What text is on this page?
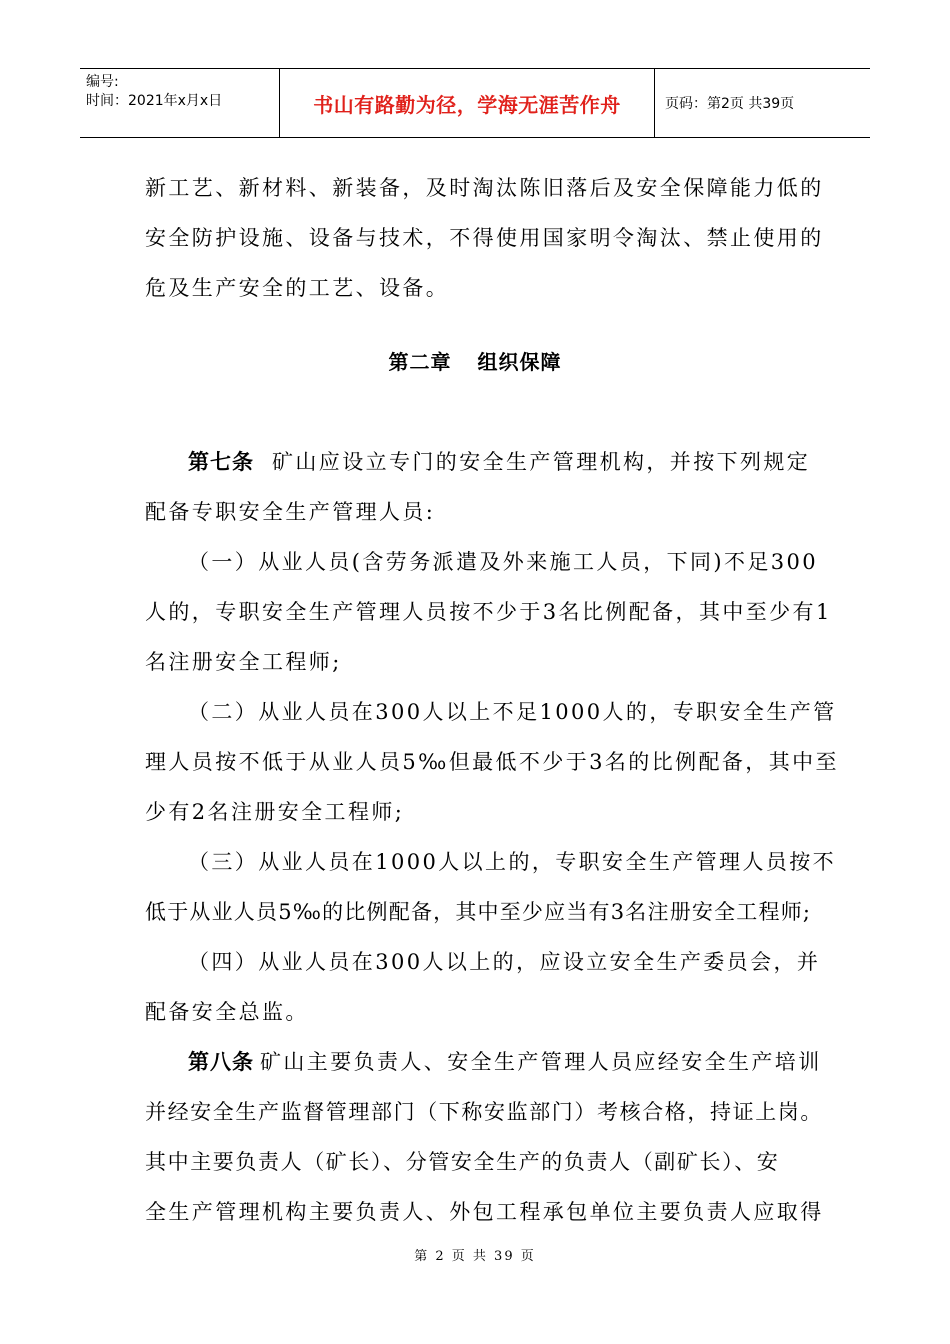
编号:
时间：2021年x月x日	书山有路勤为径，学海无涯苦作舟	页码：第2页 共39页
新工艺、新材料、新装备，及时淘汰陈旧落后及安全保障能力低的
安全防护设施、设备与技术，不得使用国家明令淘汰、禁止使用的
危及生产安全的工艺、设备。
第二章 组织保障
第七条 矿山应设立专门的安全生产管理机构，并按下列规定
配备专职安全生产管理人员:
（一）从业人员(含劳务派遣及外来施工人员，下同)不足300
人的，专职安全生产管理人员按不少于3名比例配备，其中至少有1
名注册安全工程师;
（二）从业人员在300人以上不足1000人的，专职安全生产管
理人员按不低于从业人员5‰但最低不少于3名的比例配备，其中至
少有2名注册安全工程师;
（三）从业人员在1000人以上的，专职安全生产管理人员按不
低于从业人员5‰的比例配备，其中至少应当有3名注册安全工程师;
（四）从业人员在300人以上的，应设立安全生产委员会，并
配备安全总监。
第八条 矿山主要负责人、安全生产管理人员应经安全生产培训
并经安全生产监督管理部门（下称安监部门）考核合格，持证上岗。
其中主要负责人（矿长）、分管安全生产的负责人（副矿长）、安
全生产管理机构主要负责人、外包工程承包单位主要负责人应取得
第 2 页 共 39 页
